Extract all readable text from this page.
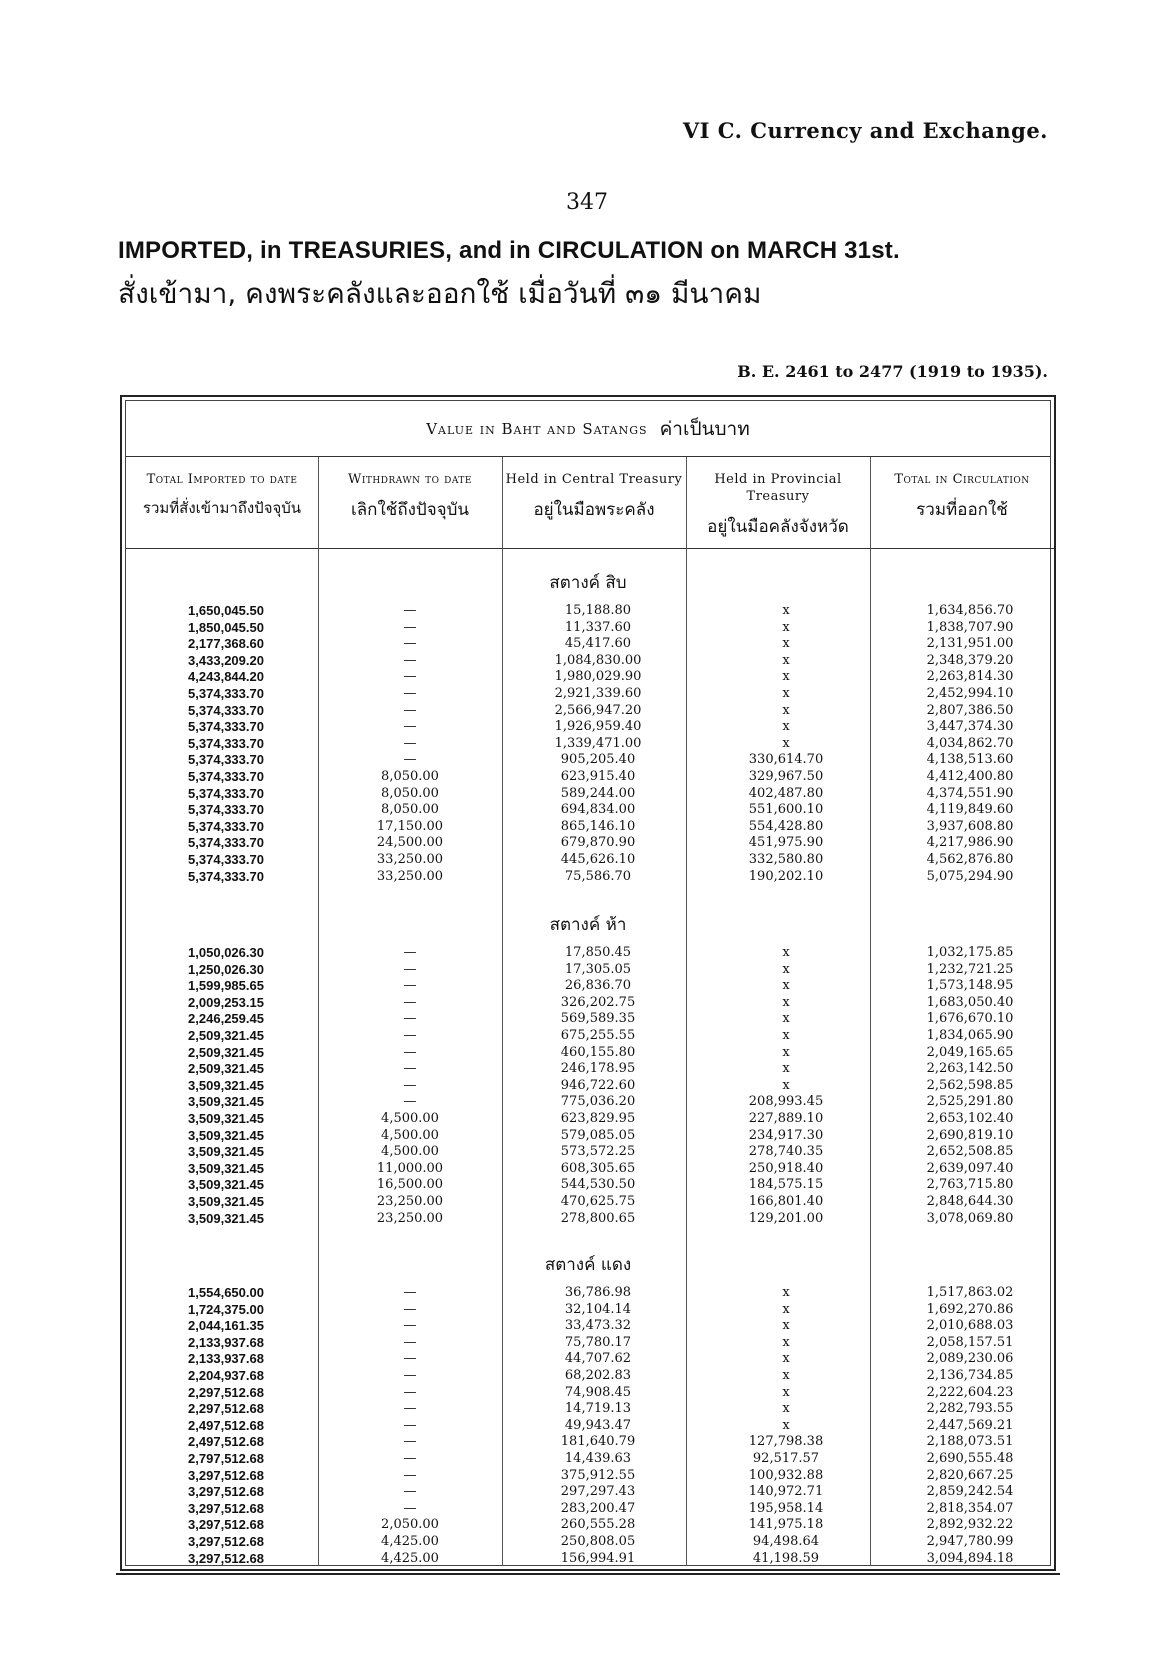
VI C. Currency and Exchange.
347
IMPORTED, in TREASURIES, and in CIRCULATION on MARCH 31st.
สั่งเข้ามา, คงพระคลังและออกใช้ เมื่อวันที่ ๓๑ มีนาคม
B. E. 2461 to 2477 (1919 to 1935).
Value in Baht and Satangs ค่าเป็นบาท
Total Imported to date
รวมที่สั่งเข้ามาถึงปัจจุบัน
Withdrawn to date
เลิกใช้ถึงปัจจุบัน
Held in Central Treasury
อยู่ในมือพระคลัง
Held in Provincial Treasury
อยู่ในมือคลังจังหวัด
Total in Circulation
รวมที่ออกใช้
สตางค์ สิบ
1,650,045.50	—	15,188.80	x	1,634,856.70
1,850,045.50	—	11,337.60	x	1,838,707.90
2,177,368.60	—	45,417.60	x	2,131,951.00
3,433,209.20	—	1,084,830.00	x	2,348,379.20
4,243,844.20	—	1,980,029.90	x	2,263,814.30
5,374,333.70	—	2,921,339.60	x	2,452,994.10
5,374,333.70	—	2,566,947.20	x	2,807,386.50
5,374,333.70	—	1,926,959.40	x	3,447,374.30
5,374,333.70	—	1,339,471.00	x	4,034,862.70
5,374,333.70	—	905,205.40	330,614.70	4,138,513.60
5,374,333.70	8,050.00	623,915.40	329,967.50	4,412,400.80
5,374,333.70	8,050.00	589,244.00	402,487.80	4,374,551.90
5,374,333.70	8,050.00	694,834.00	551,600.10	4,119,849.60
5,374,333.70	17,150.00	865,146.10	554,428.80	3,937,608.80
5,374,333.70	24,500.00	679,870.90	451,975.90	4,217,986.90
5,374,333.70	33,250.00	445,626.10	332,580.80	4,562,876.80
5,374,333.70	33,250.00	75,586.70	190,202.10	5,075,294.90
สตางค์ ห้า
1,050,026.30	—	17,850.45	x	1,032,175.85
1,250,026.30	—	17,305.05	x	1,232,721.25
1,599,985.65	—	26,836.70	x	1,573,148.95
2,009,253.15	—	326,202.75	x	1,683,050.40
2,246,259.45	—	569,589.35	x	1,676,670.10
2,509,321.45	—	675,255.55	x	1,834,065.90
2,509,321.45	—	460,155.80	x	2,049,165.65
2,509,321.45	—	246,178.95	x	2,263,142.50
3,509,321.45	—	946,722.60	x	2,562,598.85
3,509,321.45	—	775,036.20	208,993.45	2,525,291.80
3,509,321.45	4,500.00	623,829.95	227,889.10	2,653,102.40
3,509,321.45	4,500.00	579,085.05	234,917.30	2,690,819.10
3,509,321.45	4,500.00	573,572.25	278,740.35	2,652,508.85
3,509,321.45	11,000.00	608,305.65	250,918.40	2,639,097.40
3,509,321.45	16,500.00	544,530.50	184,575.15	2,763,715.80
3,509,321.45	23,250.00	470,625.75	166,801.40	2,848,644.30
3,509,321.45	23,250.00	278,800.65	129,201.00	3,078,069.80
สตางค์ แดง
1,554,650.00	—	36,786.98	x	1,517,863.02
1,724,375.00	—	32,104.14	x	1,692,270.86
2,044,161.35	—	33,473.32	x	2,010,688.03
2,133,937.68	—	75,780.17	x	2,058,157.51
2,133,937.68	—	44,707.62	x	2,089,230.06
2,204,937.68	—	68,202.83	x	2,136,734.85
2,297,512.68	—	74,908.45	x	2,222,604.23
2,297,512.68	—	14,719.13	x	2,282,793.55
2,497,512.68	—	49,943.47	x	2,447,569.21
2,497,512.68	—	181,640.79	127,798.38	2,188,073.51
2,797,512.68	—	14,439.63	92,517.57	2,690,555.48
3,297,512.68	—	375,912.55	100,932.88	2,820,667.25
3,297,512.68	—	297,297.43	140,972.71	2,859,242.54
3,297,512.68	—	283,200.47	195,958.14	2,818,354.07
3,297,512.68	2,050.00	260,555.28	141,975.18	2,892,932.22
3,297,512.68	4,425.00	250,808.05	94,498.64	2,947,780.99
3,297,512.68	4,425.00	156,994.91	41,198.59	3,094,894.18
